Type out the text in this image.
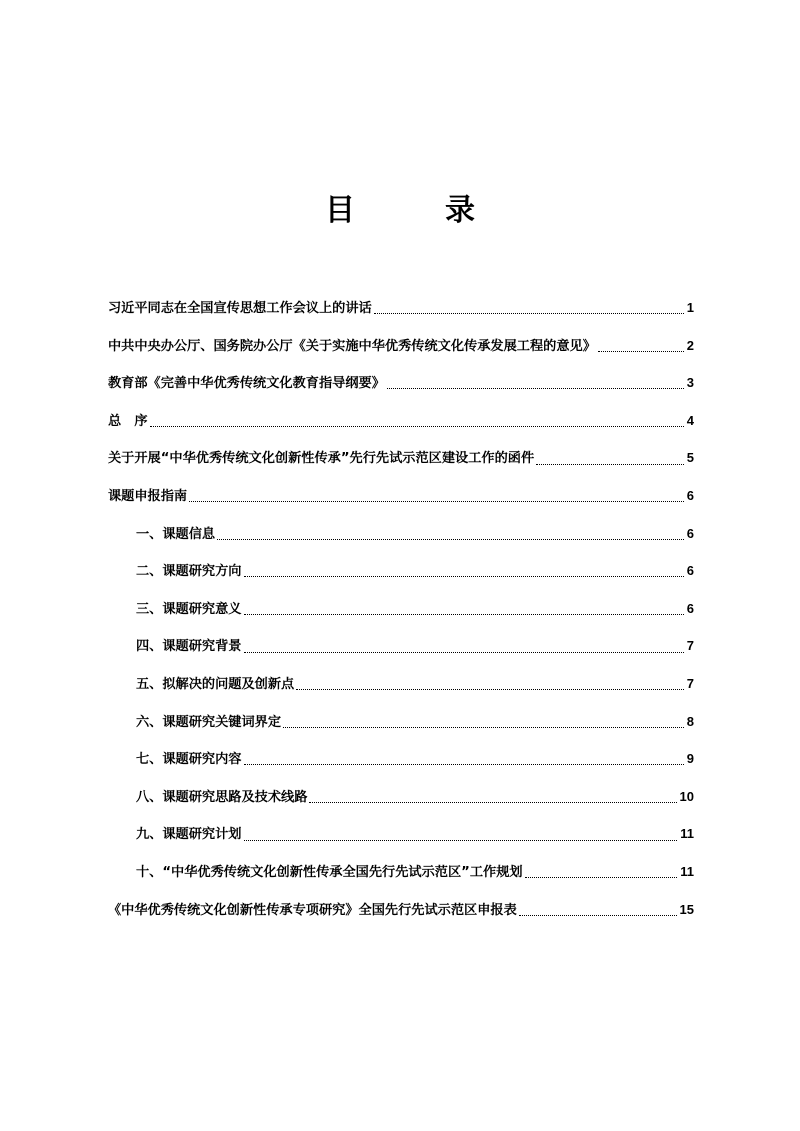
目　录
习近平同志在全国宣传思想工作会议上的讲话	1
中共中央办公厅、国务院办公厅《关于实施中华优秀传统文化传承发展工程的意见》	2
教育部《完善中华优秀传统文化教育指导纲要》	3
总　序	4
关于开展“中华优秀传统文化创新性传承”先行先试示范区建设工作的函件	5
课题申报指南	6
一、课题信息	6
二、课题研究方向	6
三、课题研究意义	6
四、课题研究背景	7
五、拟解决的问题及创新点	7
六、课题研究关键词界定	8
七、课题研究内容	9
八、课题研究思路及技术线路	10
九、课题研究计划	11
十、“中华优秀传统文化创新性传承全国先行先试示范区”工作规划	11
《中华优秀传统文化创新性传承专项研究》全国先行先试示范区申报表	15
